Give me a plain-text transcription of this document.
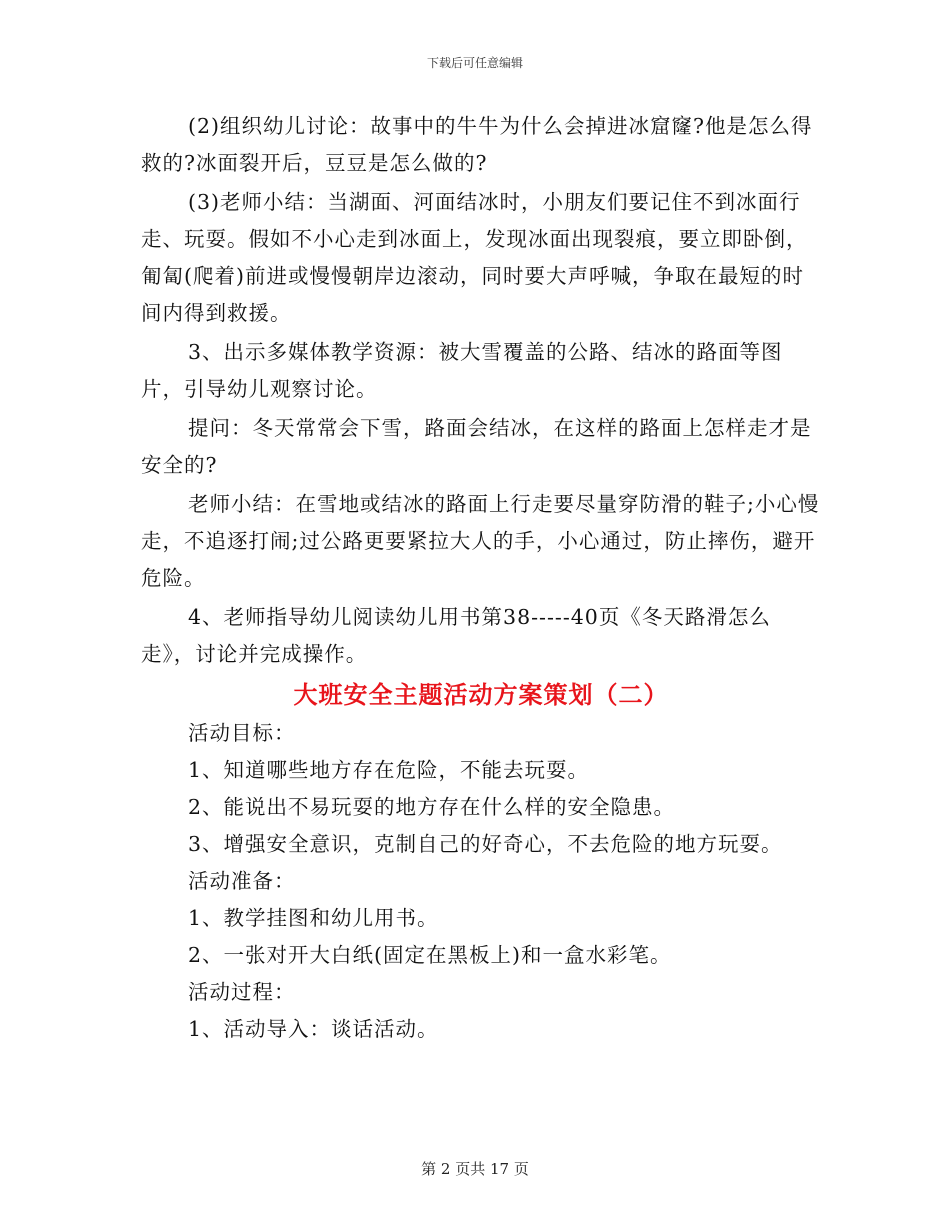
下载后可任意编辑

(2)组织幼儿讨论：故事中的牛牛为什么会掉进冰窟窿?他是怎么得救的?冰面裂开后，豆豆是怎么做的?

(3)老师小结：当湖面、河面结冰时，小朋友们要记住不到冰面行走、玩耍。假如不小心走到冰面上，发现冰面出现裂痕，要立即卧倒，匍匐(爬着)前进或慢慢朝岸边滚动，同时要大声呼喊，争取在最短的时间内得到救援。

3、出示多媒体教学资源：被大雪覆盖的公路、结冰的路面等图片，引导幼儿观察讨论。

提问：冬天常常会下雪，路面会结冰，在这样的路面上怎样走才是安全的?

老师小结：在雪地或结冰的路面上行走要尽量穿防滑的鞋子;小心慢走，不追逐打闹;过公路更要紧拉大人的手，小心通过，防止摔伤，避开危险。

4、老师指导幼儿阅读幼儿用书第38-----40页《冬天路滑怎么走》，讨论并完成操作。

大班安全主题活动方案策划（二）

活动目标：

1、知道哪些地方存在危险，不能去玩耍。

2、能说出不易玩耍的地方存在什么样的安全隐患。

3、增强安全意识，克制自己的好奇心，不去危险的地方玩耍。

活动准备：

1、教学挂图和幼儿用书。

2、一张对开大白纸(固定在黑板上)和一盒水彩笔。

活动过程：

1、活动导入：谈话活动。

第 2 页共 17 页
